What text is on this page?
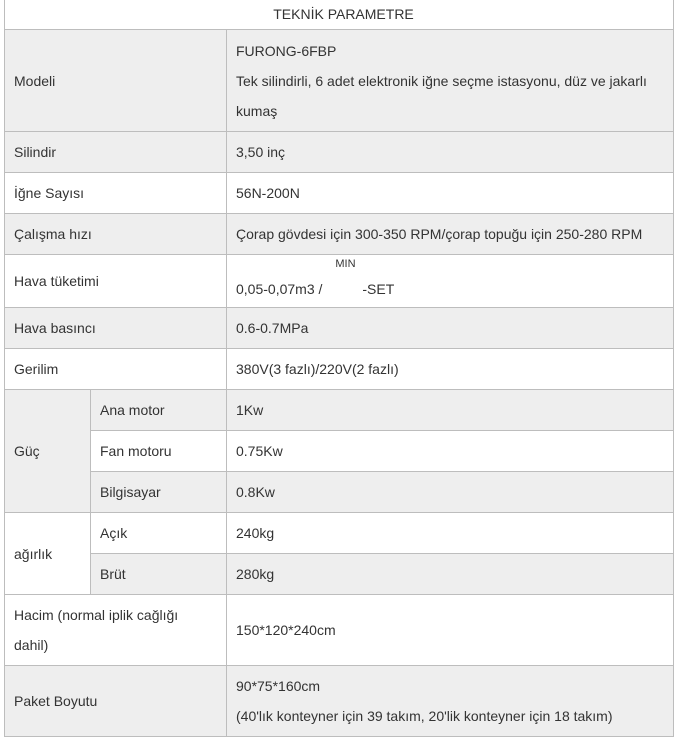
TEKNİK PARAMETRE		
Modeli		FURONG-6FBP
Tek silindirli, 6 adet elektronik iğne seçme istasyonu, düz ve jakarlı kumaş

Silindir		3,50 inç
İğne Sayısı		56N-200N
Çalışma hızı		Çorap gövdesi için 300-350 RPM/çorap topuğu için 250-280 RPM
Hava tüketimi		0,05-0,07m3 /
MIN
-SET
Hava basıncı		0.6-0.7MPa
Gerilim		380V(3 fazlı)/220V(2 fazlı)
Güç	Ana motor	1Kw
	Fan motoru	0.75Kw
	Bilgisayar	0.8Kw
ağırlık	Açık	240kg
	Brüt	280kg
Hacim (normal iplik cağlığı dahil)		150*120*240cm
Paket Boyutu		90*75*160cm
(40'lık konteyner için 39 takım, 20'lik konteyner için 18 takım)
